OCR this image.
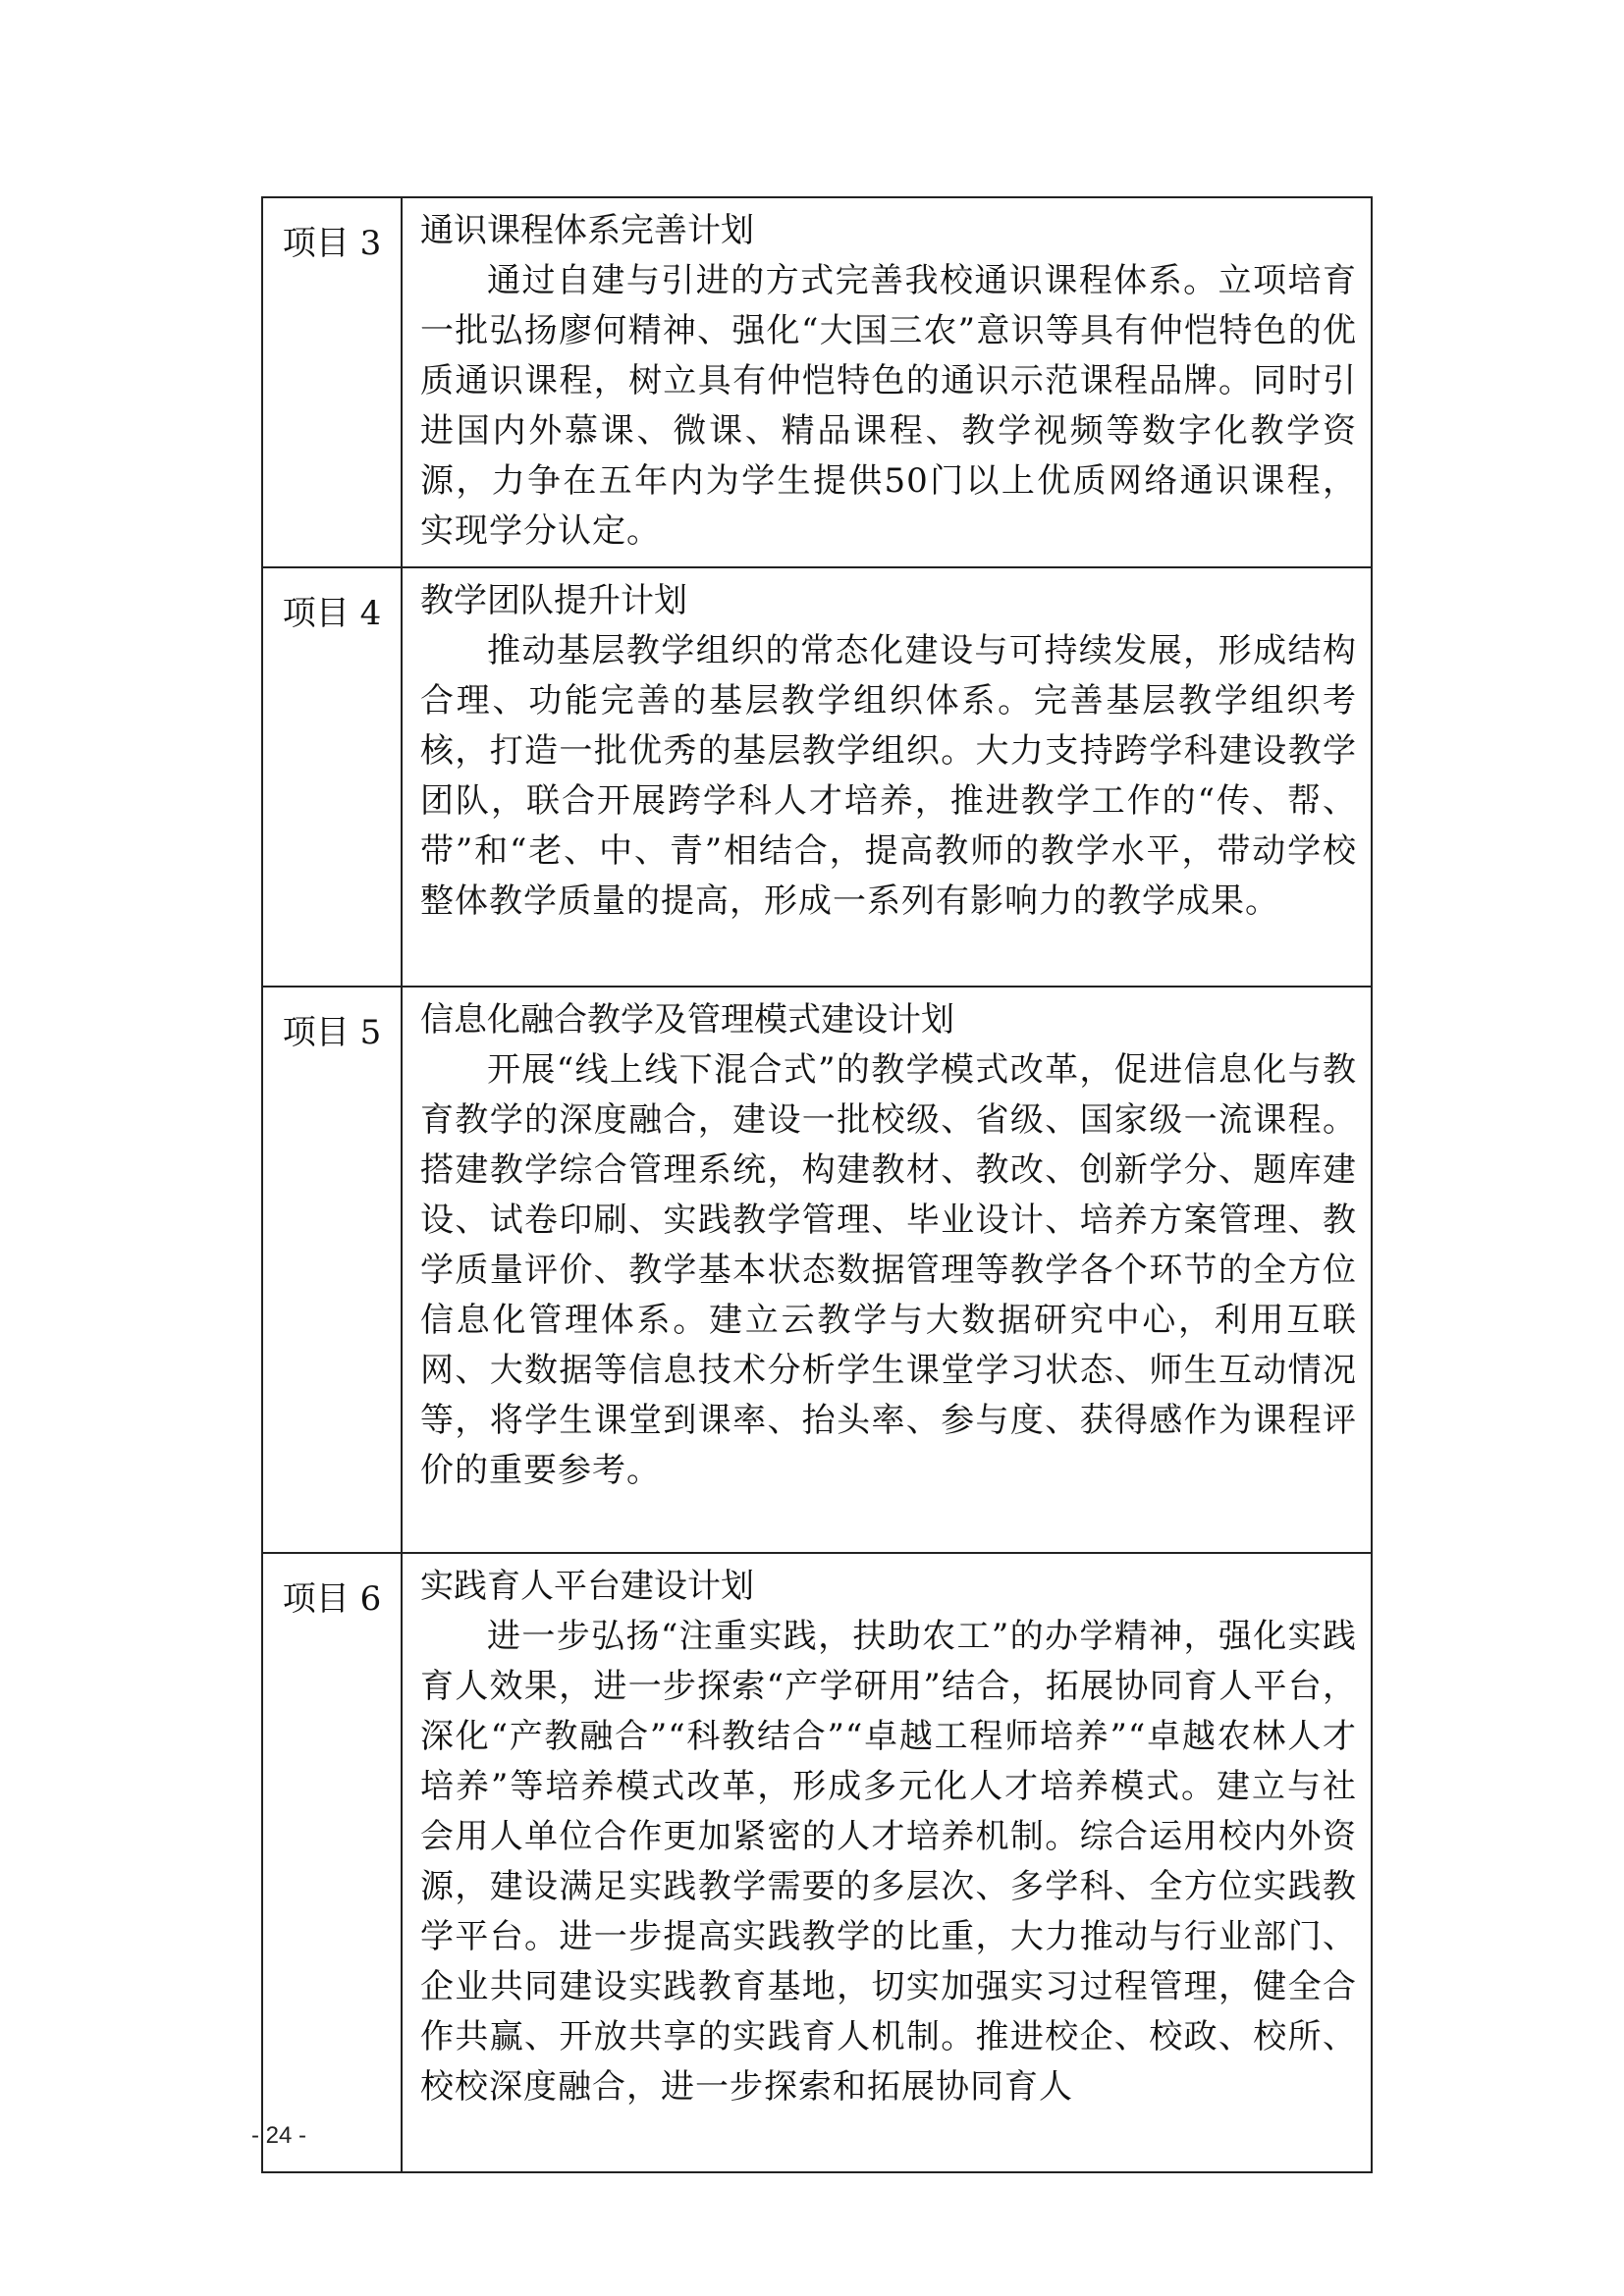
项目 3	通识课程体系完善计划

通过自建与引进的方式完善我校通识课程体系。立项培育一批弘扬廖何精神、强化“大国三农”意识等具有仲恺特色的优质通识课程，树立具有仲恺特色的通识示范课程品牌。同时引进国内外慕课、微课、精品课程、教学视频等数字化教学资源，力争在五年内为学生提供50门以上优质网络通识课程，实现学分认定。

项目 4	教学团队提升计划

推动基层教学组织的常态化建设与可持续发展，形成结构合理、功能完善的基层教学组织体系。完善基层教学组织考核，打造一批优秀的基层教学组织。大力支持跨学科建设教学团队，联合开展跨学科人才培养，推进教学工作的“传、帮、带”和“老、中、青”相结合，提高教师的教学水平，带动学校整体教学质量的提高，形成一系列有影响力的教学成果。

项目 5	信息化融合教学及管理模式建设计划

开展“线上线下混合式”的教学模式改革，促进信息化与教育教学的深度融合，建设一批校级、省级、国家级一流课程。搭建教学综合管理系统，构建教材、教改、创新学分、题库建设、试卷印刷、实践教学管理、毕业设计、培养方案管理、教学质量评价、教学基本状态数据管理等教学各个环节的全方位信息化管理体系。建立云教学与大数据研究中心，利用互联网、大数据等信息技术分析学生课堂学习状态、师生互动情况等，将学生课堂到课率、抬头率、参与度、获得感作为课程评价的重要参考。

项目 6	实践育人平台建设计划

进一步弘扬“注重实践，扶助农工”的办学精神，强化实践育人效果，进一步探索“产学研用”结合，拓展协同育人平台，深化“产教融合”“科教结合”“卓越工程师培养”“卓越农林人才培养”等培养模式改革，形成多元化人才培养模式。建立与社会用人单位合作更加紧密的人才培养机制。综合运用校内外资源，建设满足实践教学需要的多层次、多学科、全方位实践教学平台。进一步提高实践教学的比重，大力推动与行业部门、企业共同建设实践教育基地，切实加强实习过程管理，健全合作共赢、开放共享的实践育人机制。推进校企、校政、校所、校校深度融合，进一步探索和拓展协同育人

- 24 -
